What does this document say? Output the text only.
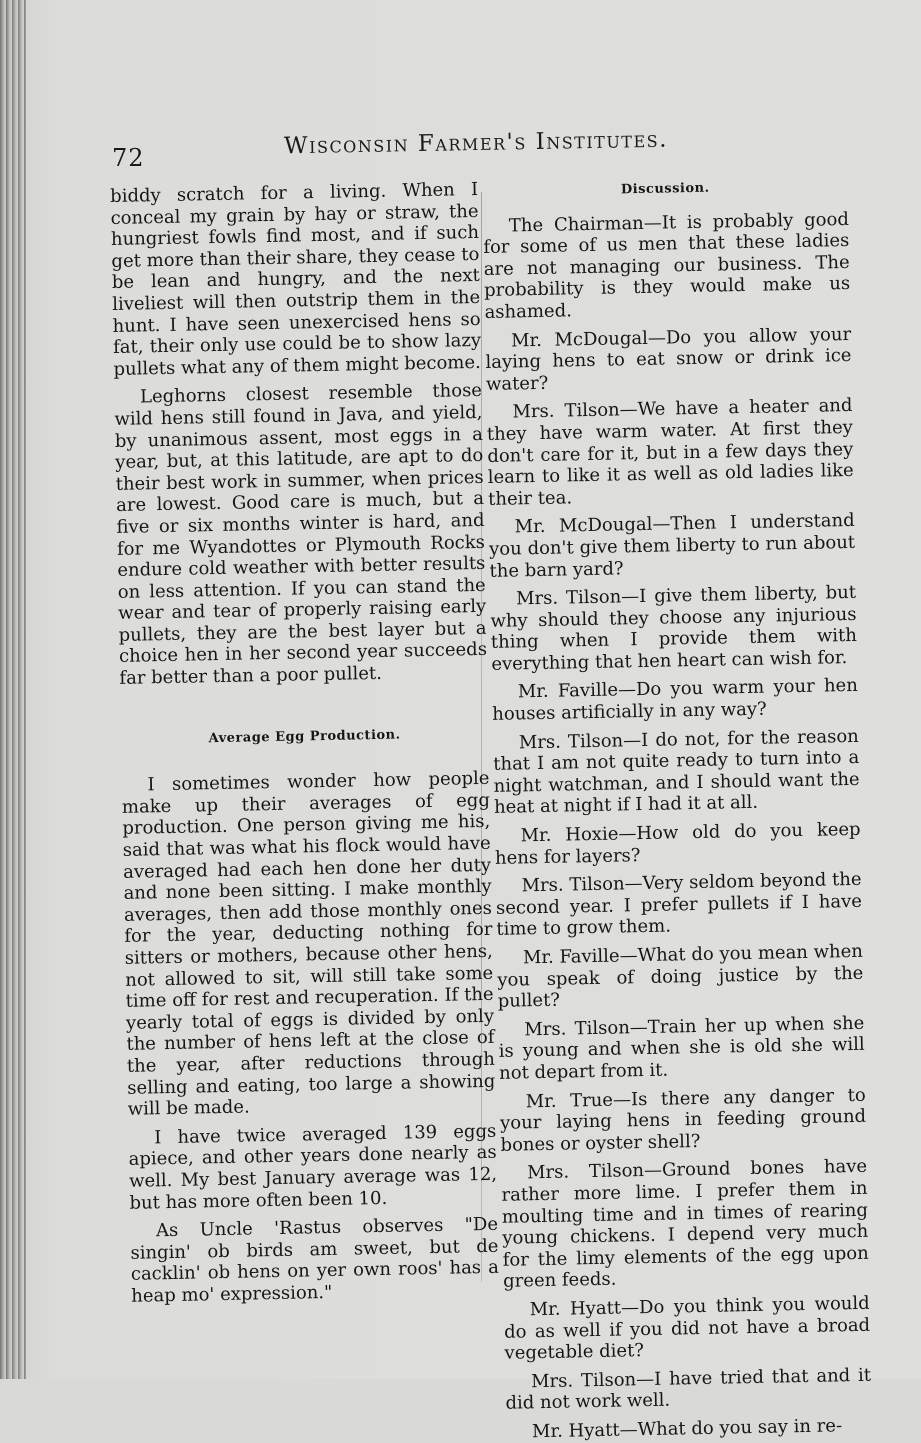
72	Wisconsin Farmer's Institutes.

biddy scratch for a living. When I conceal my grain by hay or straw, the hungriest fowls find most, and if such get more than their share, they cease to be lean and hungry, and the next liveliest will then outstrip them in the hunt. I have seen unexercised hens so fat, their only use could be to show lazy pullets what any of them might become.

Leghorns closest resemble those wild hens still found in Java, and yield, by unanimous assent, most eggs in a year, but, at this latitude, are apt to do their best work in summer, when prices are lowest. Good care is much, but a five or six months winter is hard, and for me Wyandottes or Plymouth Rocks endure cold weather with better results on less attention. If you can stand the wear and tear of properly raising early pullets, they are the best layer but a choice hen in her second year succeeds far better than a poor pullet.

Average Egg Production.

I sometimes wonder how people make up their averages of egg production. One person giving me his, said that was what his flock would have averaged had each hen done her duty and none been sitting. I make monthly averages, then add those monthly ones for the year, deducting nothing for sitters or mothers, because other hens, not allowed to sit, will still take some time off for rest and recuperation. If the yearly total of eggs is divided by only the number of hens left at the close of the year, after reductions through selling and eating, too large a showing will be made.

I have twice averaged 139 eggs apiece, and other years done nearly as well. My best January average was 12, but has more often been 10.

As Uncle 'Rastus observes "De singin' ob birds am sweet, but de cacklin' ob hens on yer own roos' has a heap mo' expression."

Discussion.

The Chairman—It is probably good for some of us men that these ladies are not managing our business. The probability is they would make us ashamed.

Mr. McDougal—Do you allow your laying hens to eat snow or drink ice water?

Mrs. Tilson—We have a heater and they have warm water. At first they don't care for it, but in a few days they learn to like it as well as old ladies like their tea.

Mr. McDougal—Then I understand you don't give them liberty to run about the barn yard?

Mrs. Tilson—I give them liberty, but why should they choose any injurious thing when I provide them with everything that hen heart can wish for.

Mr. Faville—Do you warm your hen houses artificially in any way?

Mrs. Tilson—I do not, for the reason that I am not quite ready to turn into a night watchman, and I should want the heat at night if I had it at all.

Mr. Hoxie—How old do you keep hens for layers?

Mrs. Tilson—Very seldom beyond the second year. I prefer pullets if I have time to grow them.

Mr. Faville—What do you mean when you speak of doing justice by the pullet?

Mrs. Tilson—Train her up when she is young and when she is old she will not depart from it.

Mr. True—Is there any danger to your laying hens in feeding ground bones or oyster shell?

Mrs. Tilson—Ground bones have rather more lime. I prefer them in moulting time and in times of rearing young chickens. I depend very much for the limy elements of the egg upon green feeds.

Mr. Hyatt—Do you think you would do as well if you did not have a broad vegetable diet?

Mrs. Tilson—I have tried that and it did not work well.

Mr. Hyatt—What do you say in re-
